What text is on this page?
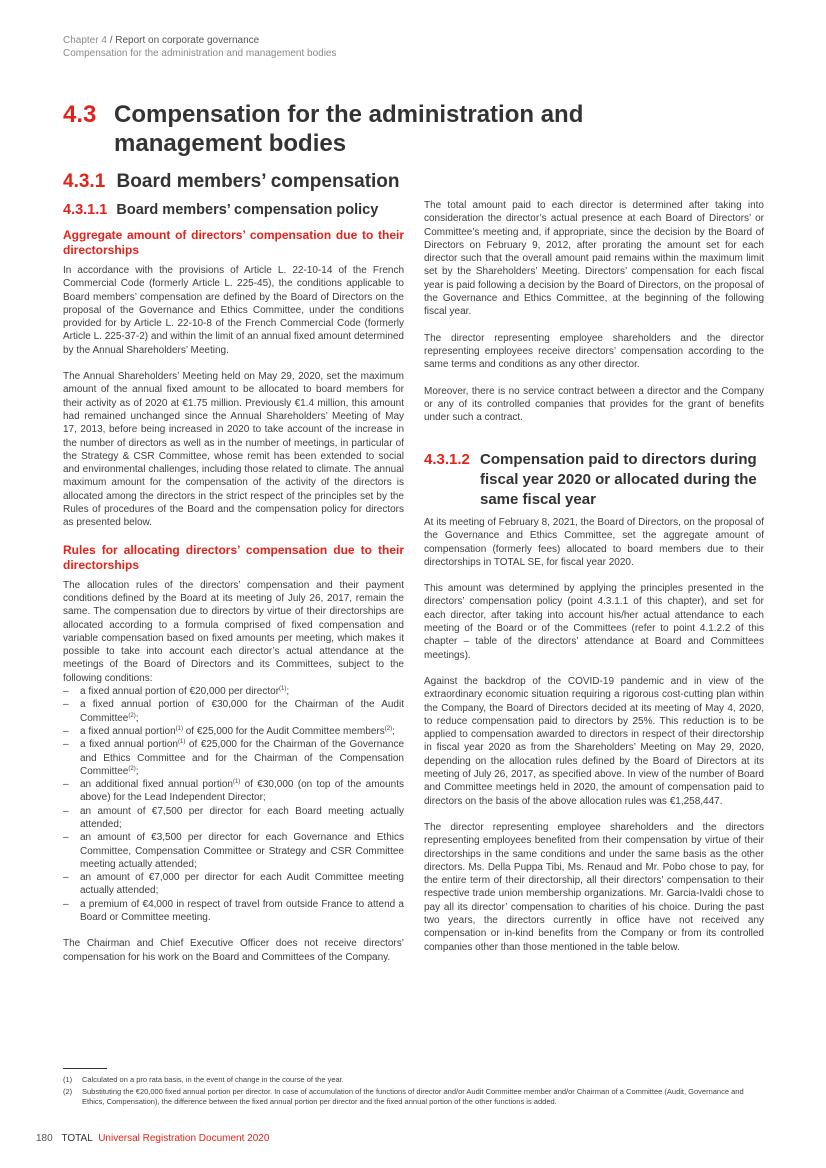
Chapter 4 / Report on corporate governance
Compensation for the administration and management bodies
4.3 Compensation for the administration and management bodies
4.3.1 Board members’ compensation
4.3.1.1 Board members’ compensation policy
Aggregate amount of directors’ compensation due to their directorships

In accordance with the provisions of Article L. 22-10-14 of the French Commercial Code (formerly Article L. 225-45), the conditions applicable to Board members’ compensation are defined by the Board of Directors on the proposal of the Governance and Ethics Committee, under the conditions provided for by Article L. 22-10-8 of the French Commercial Code (formerly Article L. 225-37-2) and within the limit of an annual fixed amount determined by the Annual Shareholders’ Meeting.

The Annual Shareholders’ Meeting held on May 29, 2020, set the maximum amount of the annual fixed amount to be allocated to board members for their activity as of 2020 at €1.75 million. Previously €1.4 million, this amount had remained unchanged since the Annual Shareholders’ Meeting of May 17, 2013, before being increased in 2020 to take account of the increase in the number of directors as well as in the number of meetings, in particular of the Strategy & CSR Committee, whose remit has been extended to social and environmental challenges, including those related to climate. The annual maximum amount for the compensation of the activity of the directors is allocated among the directors in the strict respect of the principles set by the Rules of procedures of the Board and the compensation policy for directors as presented below.

Rules for allocating directors’ compensation due to their directorships

The allocation rules of the directors’ compensation and their payment conditions defined by the Board at its meeting of July 26, 2017, remain the same. The compensation due to directors by virtue of their directorships are allocated according to a formula comprised of fixed compensation and variable compensation based on fixed amounts per meeting, which makes it possible to take into account each director’s actual attendance at the meetings of the Board of Directors and its Committees, subject to the following conditions:

– a fixed annual portion of €20,000 per director$^{(1)}$;
– a fixed annual portion of €30,000 for the Chairman of the Audit Committee$^{(2)}$;
– a fixed annual portion$^{(1)}$ of €25,000 for the Audit Committee members$^{(2)}$;
– a fixed annual portion$^{(1)}$ of €25,000 for the Chairman of the Governance and Ethics Committee and for the Chairman of the Compensation Committee$^{(2)}$;
– an additional fixed annual portion$^{(1)}$ of €30,000 (on top of the amounts above) for the Lead Independent Director;
– an amount of €7,500 per director for each Board meeting actually attended;
– an amount of €3,500 per director for each Governance and Ethics Committee, Compensation Committee or Strategy and CSR Committee meeting actually attended;
– an amount of €7,000 per director for each Audit Committee meeting actually attended;
– a premium of €4,000 in respect of travel from outside France to attend a Board or Committee meeting.

The Chairman and Chief Executive Officer does not receive directors’ compensation for his work on the Board and Committees of the Company.

The total amount paid to each director is determined after taking into consideration the director’s actual presence at each Board of Directors’ or Committee’s meeting and, if appropriate, since the decision by the Board of Directors on February 9, 2012, after prorating the amount set for each director such that the overall amount paid remains within the maximum limit set by the Shareholders’ Meeting. Directors’ compensation for each fiscal year is paid following a decision by the Board of Directors, on the proposal of the Governance and Ethics Committee, at the beginning of the following fiscal year.

The director representing employee shareholders and the director representing employees receive directors’ compensation according to the same terms and conditions as any other director.

Moreover, there is no service contract between a director and the Company or any of its controlled companies that provides for the grant of benefits under such a contract.

4.3.1.2 Compensation paid to directors during fiscal year 2020 or allocated during the same fiscal year

At its meeting of February 8, 2021, the Board of Directors, on the proposal of the Governance and Ethics Committee, set the aggregate amount of compensation (formerly fees) allocated to board members due to their directorships in TOTAL SE, for fiscal year 2020.

This amount was determined by applying the principles presented in the directors’ compensation policy (point 4.3.1.1 of this chapter), and set for each director, after taking into account his/her actual attendance to each meeting of the Board or of the Committees (refer to point 4.1.2.2 of this chapter – table of the directors’ attendance at Board and Committees meetings).

Against the backdrop of the COVID-19 pandemic and in view of the extraordinary economic situation requiring a rigorous cost-cutting plan within the Company, the Board of Directors decided at its meeting of May 4, 2020, to reduce compensation paid to directors by 25%. This reduction is to be applied to compensation awarded to directors in respect of their directorship in fiscal year 2020 as from the Shareholders’ Meeting on May 29, 2020, depending on the allocation rules defined by the Board of Directors at its meeting of July 26, 2017, as specified above. In view of the number of Board and Committee meetings held in 2020, the amount of compensation paid to directors on the basis of the above allocation rules was €1,258,447.

The director representing employee shareholders and the directors representing employees benefited from their compensation by virtue of their directorships in the same conditions and under the same basis as the other directors. Ms. Della Puppa Tibi, Ms. Renaud and Mr. Pobo chose to pay, for the entire term of their directorship, all their directors’ compensation to their respective trade union membership organizations. Mr. Garcia-Ivaldi chose to pay all its director’ compensation to charities of his choice. During the past two years, the directors currently in office have not received any compensation or in-kind benefits from the Company or from its controlled companies other than those mentioned in the table below.

(1) Calculated on a pro rata basis, in the event of change in the course of the year.
(2) Substituting the €20,000 fixed annual portion per director. In case of accumulation of the functions of director and/or Audit Committee member and/or Chairman of a Committee (Audit, Governance and Ethics, Compensation), the difference between the fixed annual portion per director and the fixed annual portion of the other functions is added.
180 TOTAL Universal Registration Document 2020
